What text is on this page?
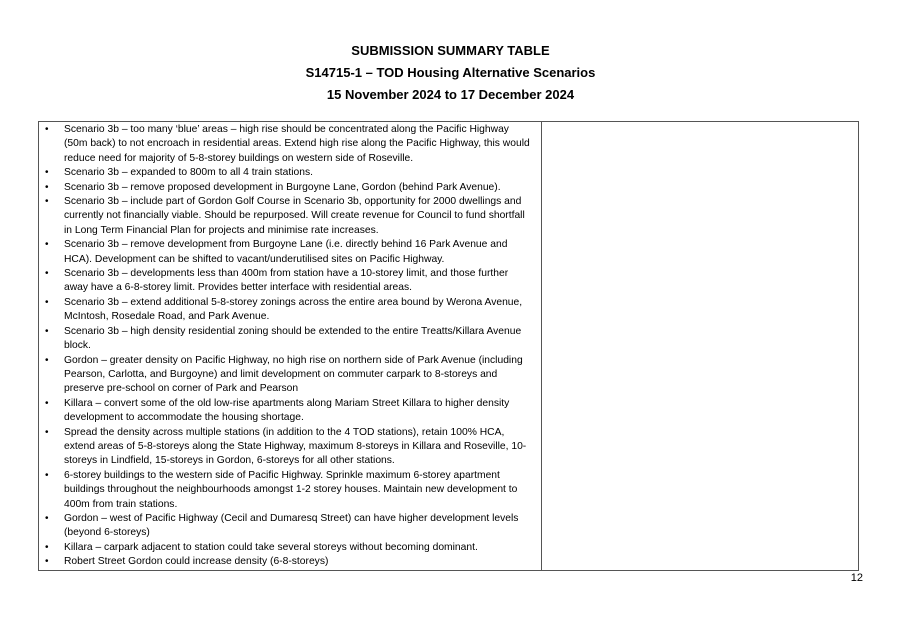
SUBMISSION SUMMARY TABLE
S14715-1 – TOD Housing Alternative Scenarios
15 November 2024 to 17 December 2024
• Scenario 3b – too many ‘blue’ areas – high rise should be concentrated along the Pacific Highway (50m back) to not encroach in residential areas. Extend high rise along the Pacific Highway, this would reduce need for majority of 5-8-storey buildings on western side of Roseville.
• Scenario 3b – expanded to 800m to all 4 train stations.
• Scenario 3b – remove proposed development in Burgoyne Lane, Gordon (behind Park Avenue).
• Scenario 3b – include part of Gordon Golf Course in Scenario 3b, opportunity for 2000 dwellings and currently not financially viable. Should be repurposed. Will create revenue for Council to fund shortfall in Long Term Financial Plan for projects and minimise rate increases.
• Scenario 3b – remove development from Burgoyne Lane (i.e. directly behind 16 Park Avenue and HCA). Development can be shifted to vacant/underutilised sites on Pacific Highway.
• Scenario 3b – developments less than 400m from station have a 10-storey limit, and those further away have a 6-8-storey limit. Provides better interface with residential areas.
• Scenario 3b – extend additional 5-8-storey zonings across the entire area bound by Werona Avenue, McIntosh, Rosedale Road, and Park Avenue.
• Scenario 3b – high density residential zoning should be extended to the entire Treatts/Killara Avenue block.
• Gordon – greater density on Pacific Highway, no high rise on northern side of Park Avenue (including Pearson, Carlotta, and Burgoyne) and limit development on commuter carpark to 8-storeys and preserve pre-school on corner of Park and Pearson
• Killara – convert some of the old low-rise apartments along Mariam Street Killara to higher density development to accommodate the housing shortage.
• Spread the density across multiple stations (in addition to the 4 TOD stations), retain 100% HCA, extend areas of 5-8-storeys along the State Highway, maximum 8-storeys in Killara and Roseville, 10-storeys in Lindfield, 15-storeys in Gordon, 6-storeys for all other stations.
• 6-storey buildings to the western side of Pacific Highway. Sprinkle maximum 6-storey apartment buildings throughout the neighbourhoods amongst 1-2 storey houses. Maintain new development to 400m from train stations.
• Gordon – west of Pacific Highway (Cecil and Dumaresq Street) can have higher development levels (beyond 6-storeys)
• Killara – carpark adjacent to station could take several storeys without becoming dominant.
• Robert Street Gordon could increase density (6-8-storeys)
12
